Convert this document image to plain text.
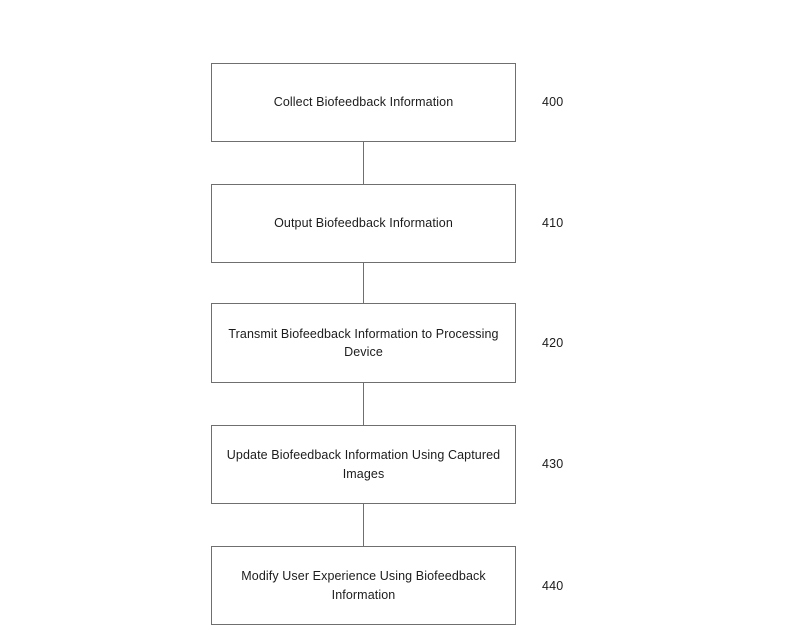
Collect Biofeedback Information	400
Output Biofeedback Information	410
Transmit Biofeedback Information to Processing Device
420
Update Biofeedback Information Using Captured Images
430
Modify User Experience Using Biofeedback Information
440
